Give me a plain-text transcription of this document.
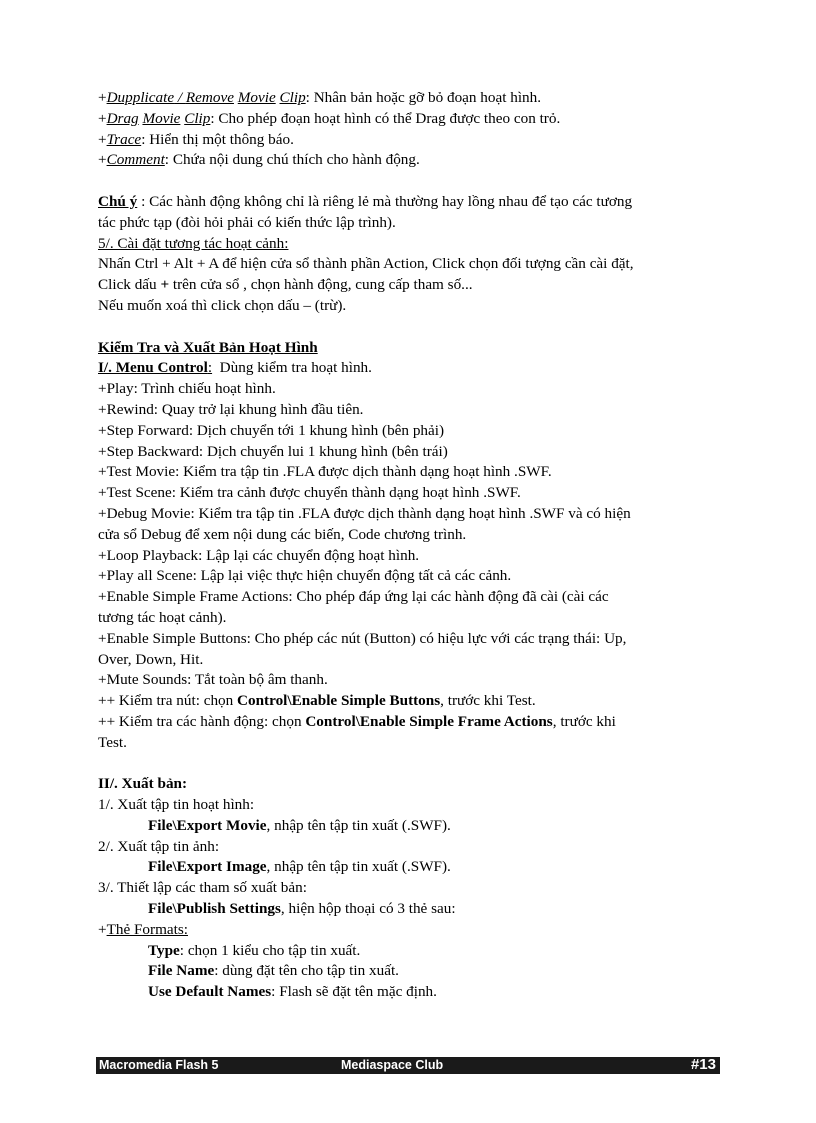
+Dupplicate / Remove Movie Clip: Nhân bản hoặc gỡ bỏ đoạn hoạt hình.
+Drag Movie Clip: Cho phép đoạn hoạt hình có thể Drag được theo con trỏ.
+Trace: Hiển thị một thông báo.
+Comment: Chứa nội dung chú thích cho hành động.
Chú ý : Các hành động không chỉ là riêng lẻ mà thường hay lồng nhau để tạo các tương
tác phức tạp (đòi hỏi phải có kiến thức lập trình).
5/. Cài đặt tương tác hoạt cảnh:
Nhấn Ctrl + Alt + A để hiện cửa sổ thành phần Action, Click chọn đối tượng cần cài đặt,
Click dấu + trên cửa sổ , chọn hành động, cung cấp tham số...
Nếu muốn xoá thì click chọn dấu – (trừ).
Kiểm Tra và Xuất Bản Hoạt Hình
I/. Menu Control:  Dùng kiểm tra hoạt hình.
+Play: Trình chiếu hoạt hình.
+Rewind: Quay trở lại khung hình đầu tiên.
+Step Forward: Dịch chuyển tới 1 khung hình (bên phải)
+Step Backward: Dịch chuyển lui 1 khung hình (bên trái)
+Test Movie: Kiểm tra tập tin .FLA được dịch thành dạng hoạt hình .SWF.
+Test Scene: Kiểm tra cảnh được chuyển thành dạng hoạt hình .SWF.
+Debug Movie: Kiểm tra tập tin .FLA được dịch thành dạng hoạt hình .SWF và có hiện
cửa sổ Debug để xem nội dung các biến, Code chương trình.
+Loop Playback: Lập lại các chuyển động hoạt hình.
+Play all Scene: Lập lại việc thực hiện chuyển động tất cả các cảnh.
+Enable Simple Frame Actions: Cho phép đáp ứng lại các hành động đã cài (cài các
tương tác hoạt cảnh).
+Enable Simple Buttons: Cho phép các nút (Button) có hiệu lực với các trạng thái: Up,
Over, Down, Hit.
+Mute Sounds: Tắt toàn bộ âm thanh.
++ Kiểm tra nút: chọn Control\Enable Simple Buttons, trước khi Test.
++ Kiểm tra các hành động: chọn Control\Enable Simple Frame Actions, trước khi
Test.
II/. Xuất bản:
1/. Xuất tập tin hoạt hình:
File\Export Movie, nhập tên tập tin xuất (.SWF).
2/. Xuất tập tin ảnh:
File\Export Image, nhập tên tập tin xuất (.SWF).
3/. Thiết lập các tham số xuất bản:
File\Publish Settings, hiện hộp thoại có 3 thẻ sau:
+Thẻ Formats:
Type: chọn 1 kiểu cho tập tin xuất.
File Name: dùng đặt tên cho tập tin xuất.
Use Default Names: Flash sẽ đặt tên mặc định.
Macromedia Flash 5	Mediaspace Club	#13
